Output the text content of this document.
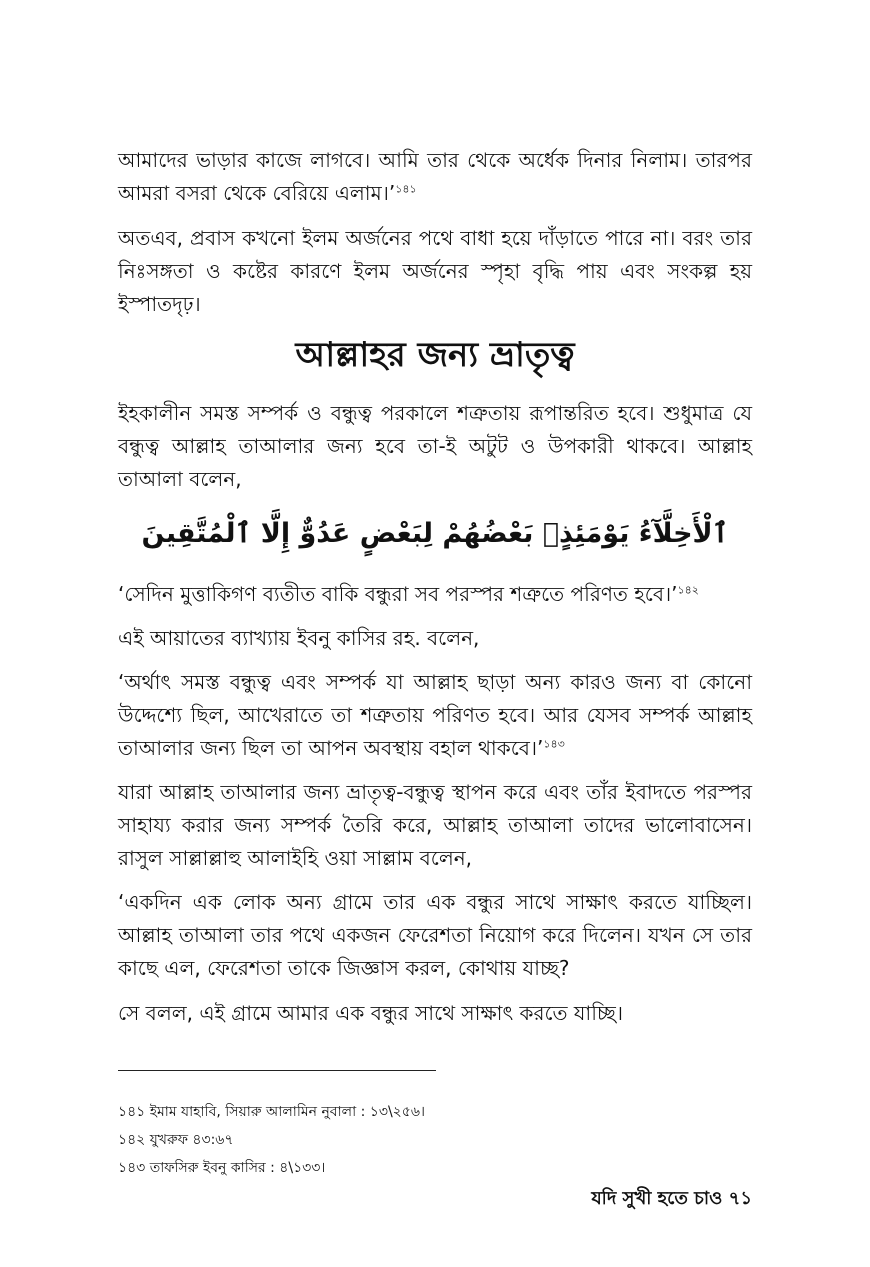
আমাদের ভাড়ার কাজে লাগবে। আমি তার থেকে অর্ধেক দিনার নিলাম। তারপর আমরা বসরা থেকে বেরিয়ে এলাম।’$^{১৪১}$

অতএব, প্রবাস কখনো ইলম অর্জনের পথে বাধা হয়ে দাঁড়াতে পারে না। বরং তার নিঃসঙ্গতা ও কষ্টের কারণে ইলম অর্জনের স্পৃহা বৃদ্ধি পায় এবং সংকল্প হয় ইস্পাতদৃঢ়।

আল্লাহর জন্য ভ্রাতৃত্ব

ইহকালীন সমস্ত সম্পর্ক ও বন্ধুত্ব পরকালে শত্রুতায় রূপান্তরিত হবে। শুধুমাত্র যে বন্ধুত্ব আল্লাহ তাআলার জন্য হবে তা-ই অটুট ও উপকারী থাকবে। আল্লাহ তাআলা বলেন,

ٱلْأَخِلَّآءُ يَوْمَئِذٍۭ بَعْضُهُمْ لِبَعْضٍ عَدُوٌّ إِلَّا ٱلْمُتَّقِينَ

‘সেদিন মুত্তাকিগণ ব্যতীত বাকি বন্ধুরা সব পরস্পর শত্রুতে পরিণত হবে।’$^{১৪২}$

এই আয়াতের ব্যাখ্যায় ইবনু কাসির রহ. বলেন,

‘অর্থাৎ সমস্ত বন্ধুত্ব এবং সম্পর্ক যা আল্লাহ ছাড়া অন্য কারও জন্য বা কোনো উদ্দেশ্যে ছিল, আখেরাতে তা শত্রুতায় পরিণত হবে। আর যেসব সম্পর্ক আল্লাহ তাআলার জন্য ছিল তা আপন অবস্থায় বহাল থাকবে।’$^{১৪৩}$

যারা আল্লাহ তাআলার জন্য ভ্রাতৃত্ব-বন্ধুত্ব স্থাপন করে এবং তাঁর ইবাদতে পরস্পর সাহায্য করার জন্য সম্পর্ক তৈরি করে, আল্লাহ তাআলা তাদের ভালোবাসেন। রাসুল সাল্লাল্লাহু আলাইহি ওয়া সাল্লাম বলেন,

‘একদিন এক লোক অন্য গ্রামে তার এক বন্ধুর সাথে সাক্ষাৎ করতে যাচ্ছিল। আল্লাহ তাআলা তার পথে একজন ফেরেশতা নিয়োগ করে দিলেন। যখন সে তার কাছে এল, ফেরেশতা তাকে জিজ্ঞাস করল, কোথায় যাচ্ছ?

সে বলল, এই গ্রামে আমার এক বন্ধুর সাথে সাক্ষাৎ করতে যাচ্ছি।

১৪১ ইমাম যাহাবি, সিয়ারু আলামিন নুবালা : ১৩\২৫৬।

১৪২ যুখরুফ ৪৩:৬৭

১৪৩ তাফসিরু ইবনু কাসির : ৪\১৩৩।

যদি সুখী হতে চাও ৭১
